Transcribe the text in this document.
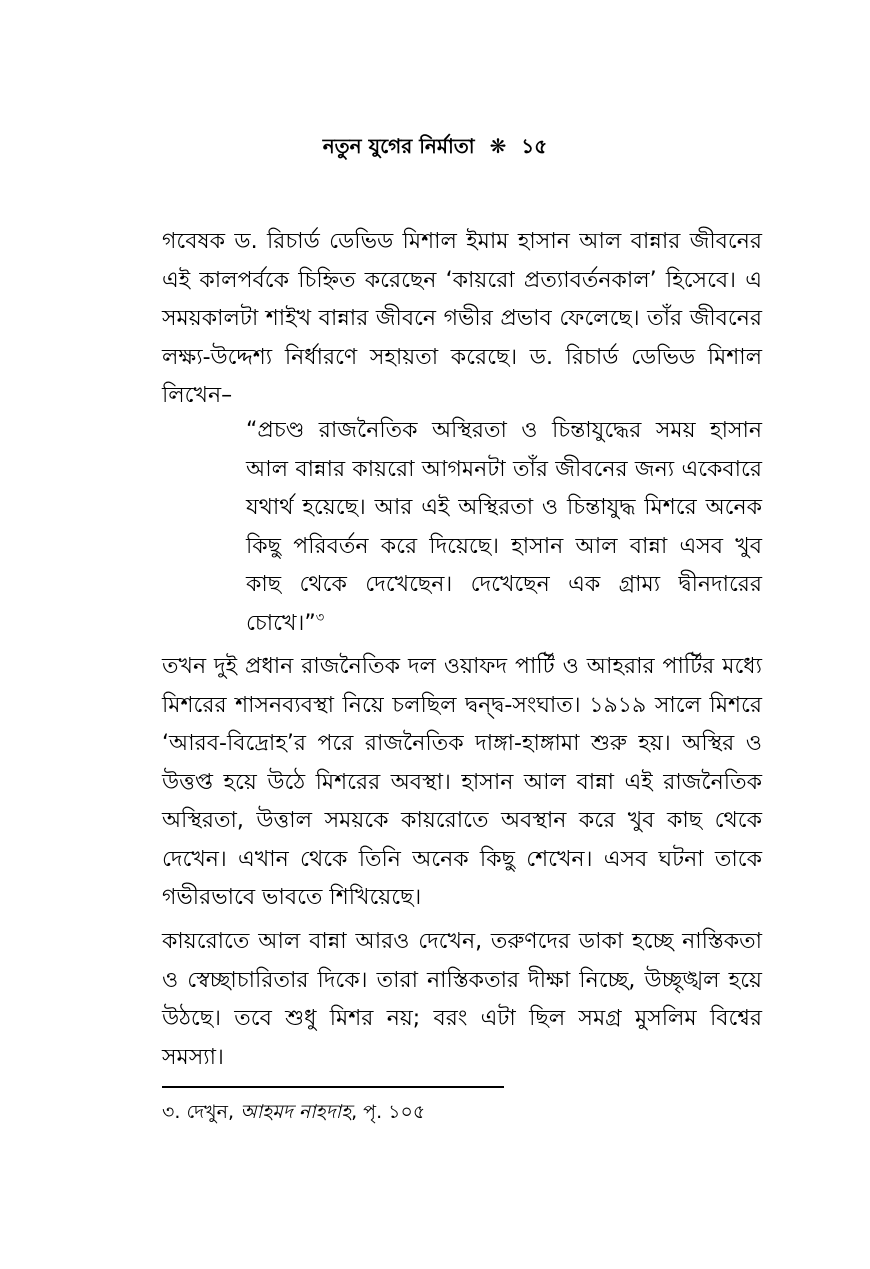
নতুন যুগের নির্মাতা ❋ ১৫

গবেষক ড. রিচার্ড ডেভিড মিশাল ইমাম হাসান আল বান্নার জীবনের এই কালপর্বকে চিহ্নিত করেছেন ‘কায়রো প্রত্যাবর্তনকাল’ হিসেবে। এ সময়কালটা শাইখ বান্নার জীবনে গভীর প্রভাব ফেলেছে। তাঁর জীবনের লক্ষ্য-উদ্দেশ্য নির্ধারণে সহায়তা করেছে। ড. রিচার্ড ডেভিড মিশাল লিখেন–

“প্রচণ্ড রাজনৈতিক অস্থিরতা ও চিন্তাযুদ্ধের সময় হাসান আল বান্নার কায়রো আগমনটা তাঁর জীবনের জন্য একেবারে যথার্থ হয়েছে। আর এই অস্থিরতা ও চিন্তাযুদ্ধ মিশরে অনেক কিছু পরিবর্তন করে দিয়েছে। হাসান আল বান্না এসব খুব কাছ থেকে দেখেছেন। দেখেছেন এক গ্রাম্য দ্বীনদারের চোখে।”$^৩$

তখন দুই প্রধান রাজনৈতিক দল ওয়াফদ পার্টি ও আহরার পার্টির মধ্যে মিশরের শাসনব্যবস্থা নিয়ে চলছিল দ্বন্দ্ব-সংঘাত। ১৯১৯ সালে মিশরে ‘আরব-বিদ্রোহ’র পরে রাজনৈতিক দাঙ্গা-হাঙ্গামা শুরু হয়। অস্থির ও উত্তপ্ত হয়ে উঠে মিশরের অবস্থা। হাসান আল বান্না এই রাজনৈতিক অস্থিরতা, উত্তাল সময়কে কায়রোতে অবস্থান করে খুব কাছ থেকে দেখেন। এখান থেকে তিনি অনেক কিছু শেখেন। এসব ঘটনা তাকে গভীরভাবে ভাবতে শিখিয়েছে।

কায়রোতে আল বান্না আরও দেখেন, তরুণদের ডাকা হচ্ছে নাস্তিকতা ও স্বেচ্ছাচারিতার দিকে। তারা নাস্তিকতার দীক্ষা নিচ্ছে, উচ্ছৃঙ্খল হয়ে উঠছে। তবে শুধু মিশর নয়; বরং এটা ছিল সমগ্র মুসলিম বিশ্বের সমস্যা।

৩. দেখুন, আহমদ নাহদাহ, পৃ. ১০৫
